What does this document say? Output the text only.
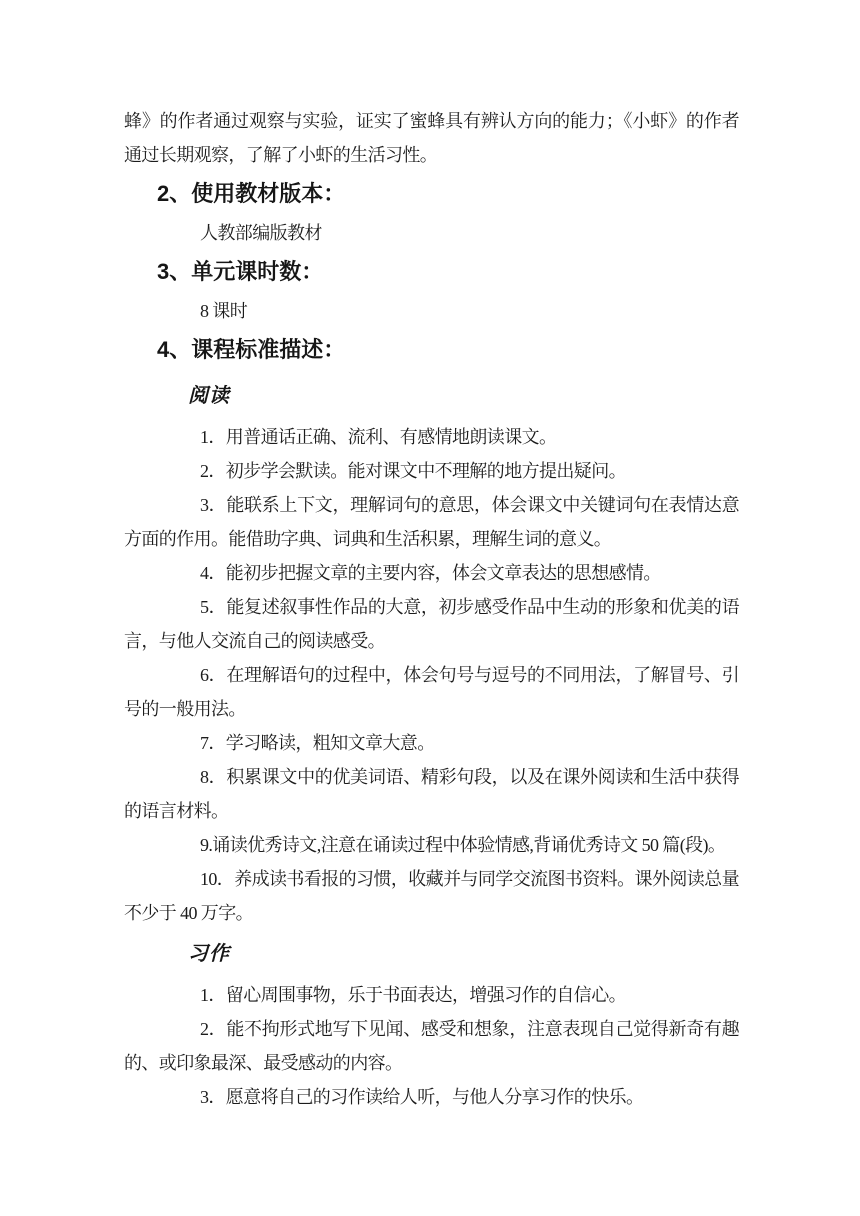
蜂》的作者通过观察与实验，证实了蜜蜂具有辨认方向的能力；《小虾》的作者通过长期观察，了解了小虾的生活习性。

2、使用教材版本：

人教部编版教材

3、单元课时数：

8 课时

4、课程标准描述：

阅读

1．用普通话正确、流利、有感情地朗读课文。

2．初步学会默读。能对课文中不理解的地方提出疑问。

3．能联系上下文，理解词句的意思，体会课文中关键词句在表情达意方面的作用。能借助字典、词典和生活积累，理解生词的意义。

4．能初步把握文章的主要内容，体会文章表达的思想感情。

5．能复述叙事性作品的大意，初步感受作品中生动的形象和优美的语言，与他人交流自己的阅读感受。

6．在理解语句的过程中，体会句号与逗号的不同用法，了解冒号、引号的一般用法。

7．学习略读，粗知文章大意。

8．积累课文中的优美词语、精彩句段，以及在课外阅读和生活中获得的语言材料。

9.诵读优秀诗文,注意在诵读过程中体验情感,背诵优秀诗文 50 篇(段)。

10．养成读书看报的习惯，收藏并与同学交流图书资料。课外阅读总量不少于 40 万字。

习作

1．留心周围事物，乐于书面表达，增强习作的自信心。

2．能不拘形式地写下见闻、感受和想象，注意表现自己觉得新奇有趣的、或印象最深、最受感动的内容。

3．愿意将自己的习作读给人听，与他人分享习作的快乐。
